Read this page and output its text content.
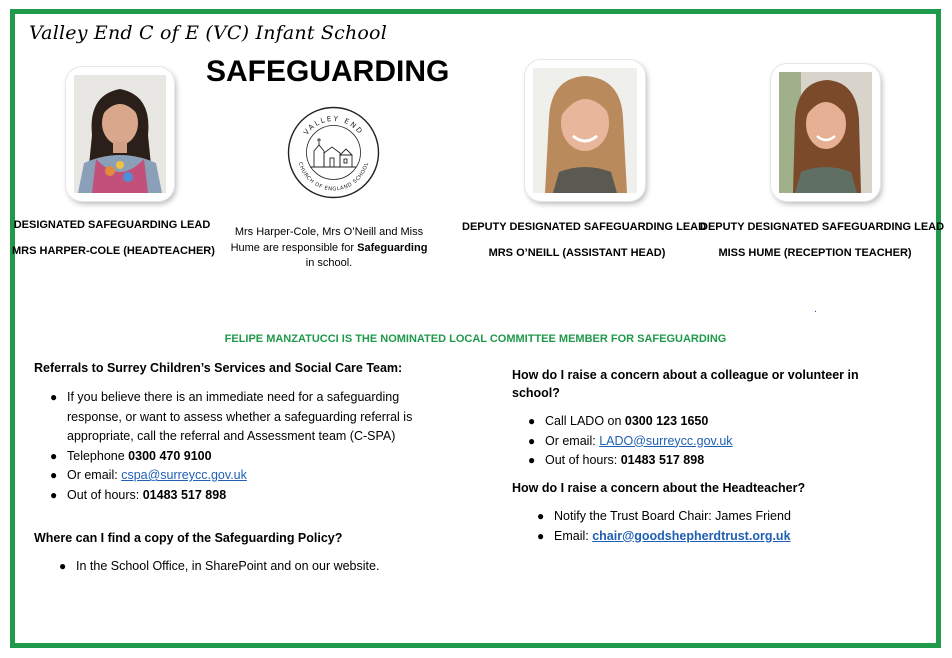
Valley End C of E (VC) Infant School
SAFEGUARDING
VALLEY END
CHURCH OF ENGLAND SCHOOL
DESIGNATED SAFEGUARDING LEAD
MRS HARPER-COLE (HEADTEACHER)
DEPUTY DESIGNATED SAFEGUARDING LEAD
MRS O’NEILL (ASSISTANT HEAD)
DEPUTY DESIGNATED SAFEGUARDING LEAD
MISS HUME (RECEPTION TEACHER)
Mrs Harper-Cole, Mrs O’Neill and Miss Hume are responsible for Safeguarding in school.
.
FELIPE MANZATUCCI IS THE NOMINATED LOCAL COMMITTEE MEMBER FOR SAFEGUARDING
Referrals to Surrey Children’s Services and Social Care Team:
● If you believe there is an immediate need for a safeguarding response, or want to assess whether a safeguarding referral is appropriate, call the referral and Assessment team (C-SPA)
● Telephone 0300 470 9100
● Or email: cspa@surreycc.gov.uk
● Out of hours: 01483 517 898
Where can I find a copy of the Safeguarding Policy?
● In the School Office, in SharePoint and on our website.
How do I raise a concern about a colleague or volunteer in school?
● Call LADO on 0300 123 1650
● Or email: LADO@surreycc.gov.uk
● Out of hours: 01483 517 898
How do I raise a concern about the Headteacher?
● Notify the Trust Board Chair: James Friend
● Email: chair@goodshepherdtrust.org.uk
